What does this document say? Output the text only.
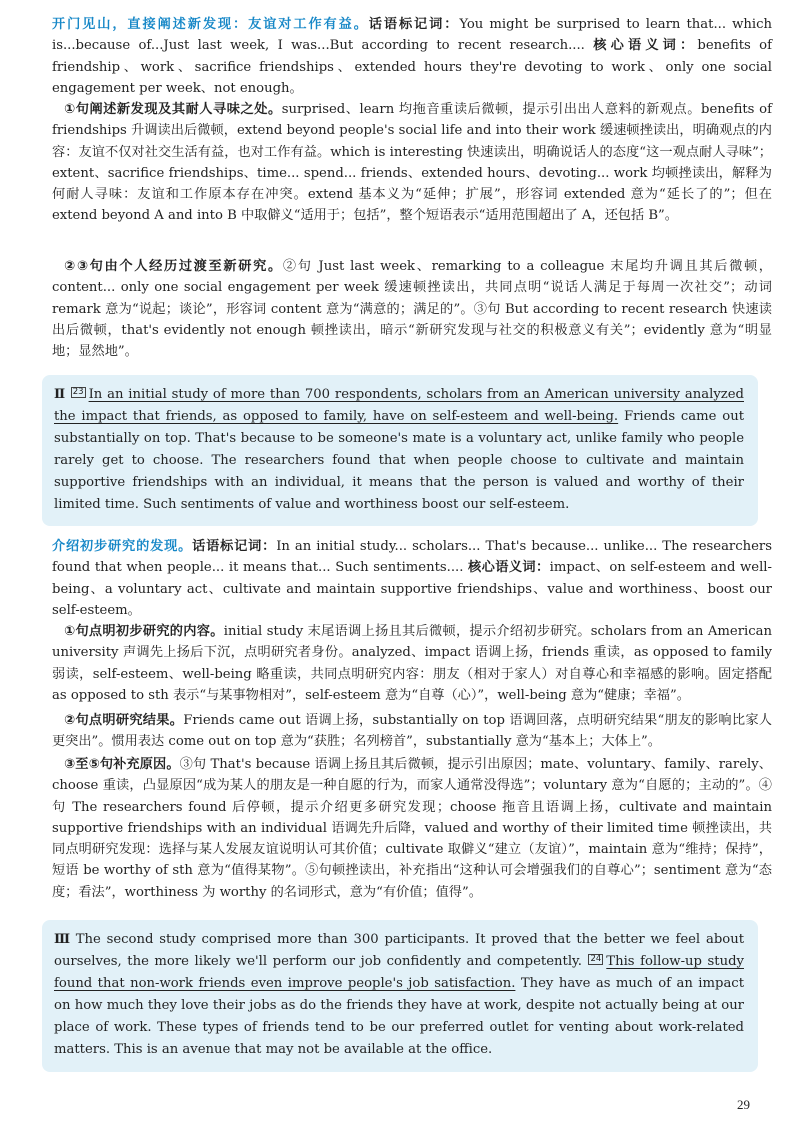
开门见山，直接阐述新发现：友谊对工作有益。话语标记词：You might be surprised to learn that... which is...because of...Just last week, I was...But according to recent research.... 核心语义词：benefits of friendship、work、sacrifice friendships、extended hours they're devoting to work、only one social engagement per week、not enough。
①句阐述新发现及其耐人寻味之处。surprised、learn 均拖音重读后微顿，提示引出出人意料的新观点。benefits of friendships 升调读出后微顿，extend beyond people's social life and into their work 缓速顿挫读出，明确观点的内容：友谊不仅对社交生活有益，也对工作有益。which is interesting 快速读出，明确说话人的态度“这一观点耐人寻味”；extent、sacrifice friendships、time... spend... friends、extended hours、devoting... work 均顿挫读出，解释为何耐人寻味：友谊和工作原本存在冲突。extend 基本义为“延伸；扩展”，形容词 extended 意为“延长了的”；但在 extend beyond A and into B 中取僻义“适用于；包括”，整个短语表示“适用范围超出了 A，还包括 B”。
②③句由个人经历过渡至新研究。②句 Just last week、remarking to a colleague 末尾均升调且其后微顿，content... only one social engagement per week 缓速顿挫读出，共同点明“说话人满足于每周一次社交”；动词 remark 意为“说起；谈论”，形容词 content 意为“满意的；满足的”。③句 But according to recent research 快速读出后微顿，that's evidently not enough 顿挫读出，暗示“新研究发现与社交的积极意义有关”；evidently 意为“明显地；显然地”。
Ⅱ 23 In an initial study of more than 700 respondents, scholars from an American university analyzed the impact that friends, as opposed to family, have on self-esteem and well-being. Friends came out substantially on top. That's because to be someone's mate is a voluntary act, unlike family who people rarely get to choose. The researchers found that when people choose to cultivate and maintain supportive friendships with an individual, it means that the person is valued and worthy of their limited time. Such sentiments of value and worthiness boost our self-esteem.
介绍初步研究的发现。话语标记词：In an initial study... scholars... That's because... unlike... The researchers found that when people... it means that... Such sentiments.... 核心语义词：impact、on self-esteem and well-being、a voluntary act、cultivate and maintain supportive friendships、value and worthiness、boost our self-esteem。
①句点明初步研究的内容。initial study 末尾语调上扬且其后微顿，提示介绍初步研究。scholars from an American university 声调先上扬后下沉，点明研究者身份。analyzed、impact 语调上扬，friends 重读，as opposed to family 弱读，self-esteem、well-being 略重读，共同点明研究内容：朋友（相对于家人）对自尊心和幸福感的影响。固定搭配 as opposed to sth 表示“与某事物相对”，self-esteem 意为“自尊（心）”，well-being 意为“健康；幸福”。
②句点明研究结果。Friends came out 语调上扬，substantially on top 语调回落，点明研究结果“朋友的影响比家人更突出”。惯用表达 come out on top 意为“获胜；名列榜首”，substantially 意为“基本上；大体上”。
③至⑤句补充原因。③句 That's because 语调上扬且其后微顿，提示引出原因；mate、voluntary、family、rarely、choose 重读，凸显原因“成为某人的朋友是一种自愿的行为，而家人通常没得选”；voluntary 意为“自愿的；主动的”。④句 The researchers found 后停顿，提示介绍更多研究发现；choose 拖音且语调上扬，cultivate and maintain supportive friendships with an individual 语调先升后降，valued and worthy of their limited time 顿挫读出，共同点明研究发现：选择与某人发展友谊说明认可其价值；cultivate 取僻义“建立（友谊）”，maintain 意为“维持；保持”，短语 be worthy of sth 意为“值得某物”。⑤句顿挫读出，补充指出“这种认可会增强我们的自尊心”；sentiment 意为“态度；看法”，worthiness 为 worthy 的名词形式，意为“有价值；值得”。
Ⅲ The second study comprised more than 300 participants. It proved that the better we feel about ourselves, the more likely we'll perform our job confidently and competently. 24 This follow-up study found that non-work friends even improve people's job satisfaction. They have as much of an impact on how much they love their jobs as do the friends they have at work, despite not actually being at our place of work. These types of friends tend to be our preferred outlet for venting about work-related matters. This is an avenue that may not be available at the office.
29
